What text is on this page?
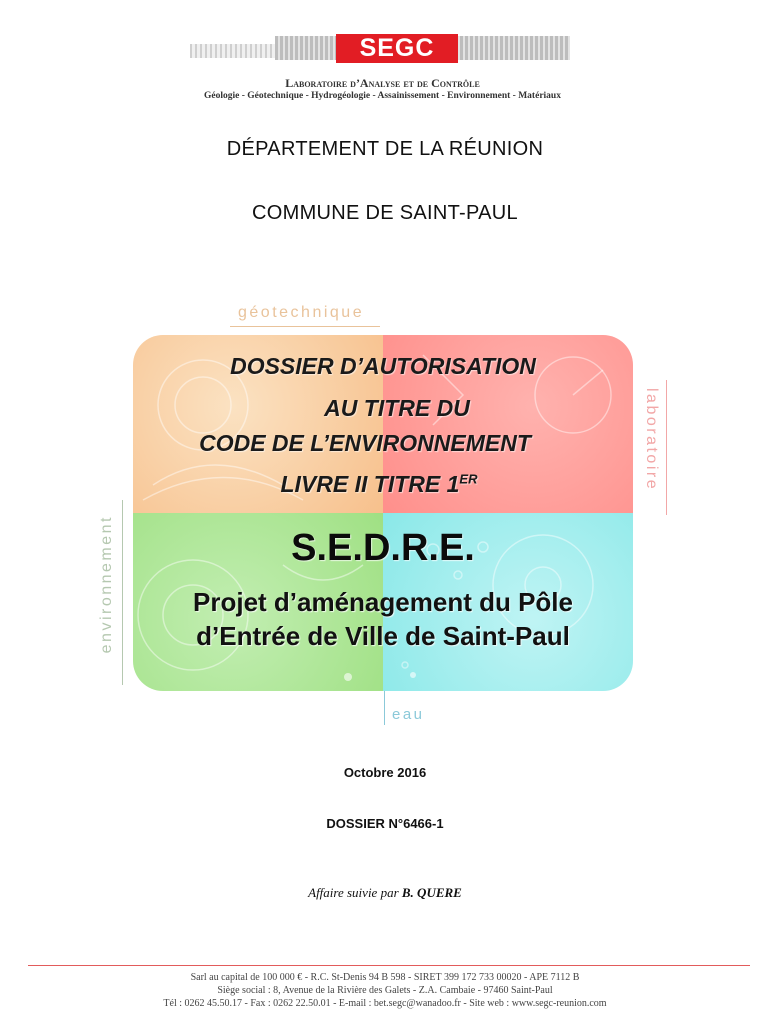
SEGC
Laboratoire d’Analyse et de Contrôle
Géologie - Géotechnique - Hydrogéologie - Assainissement - Environnement - Matériaux
DÉPARTEMENT DE LA RÉUNION
COMMUNE DE SAINT-PAUL
géotechnique
laboratoire
environnement
eau
DOSSIER D’AUTORISATION
AU TITRE DU
CODE DE L’ENVIRONNEMENT
LIVRE II TITRE 1ER
S.E.D.R.E.
Projet d’aménagement du Pôle
d’Entrée de Ville de Saint-Paul
Octobre 2016
DOSSIER N°6466-1
Affaire suivie par B. QUERE
Sarl au capital de 100 000 € - R.C. St-Denis 94 B 598 - SIRET 399 172 733 00020 - APE 7112 B
Siège social : 8, Avenue de la Rivière des Galets - Z.A. Cambaie - 97460 Saint-Paul
Tél : 0262 45.50.17 - Fax : 0262 22.50.01 - E-mail : bet.segc@wanadoo.fr - Site web : www.segc-reunion.com
